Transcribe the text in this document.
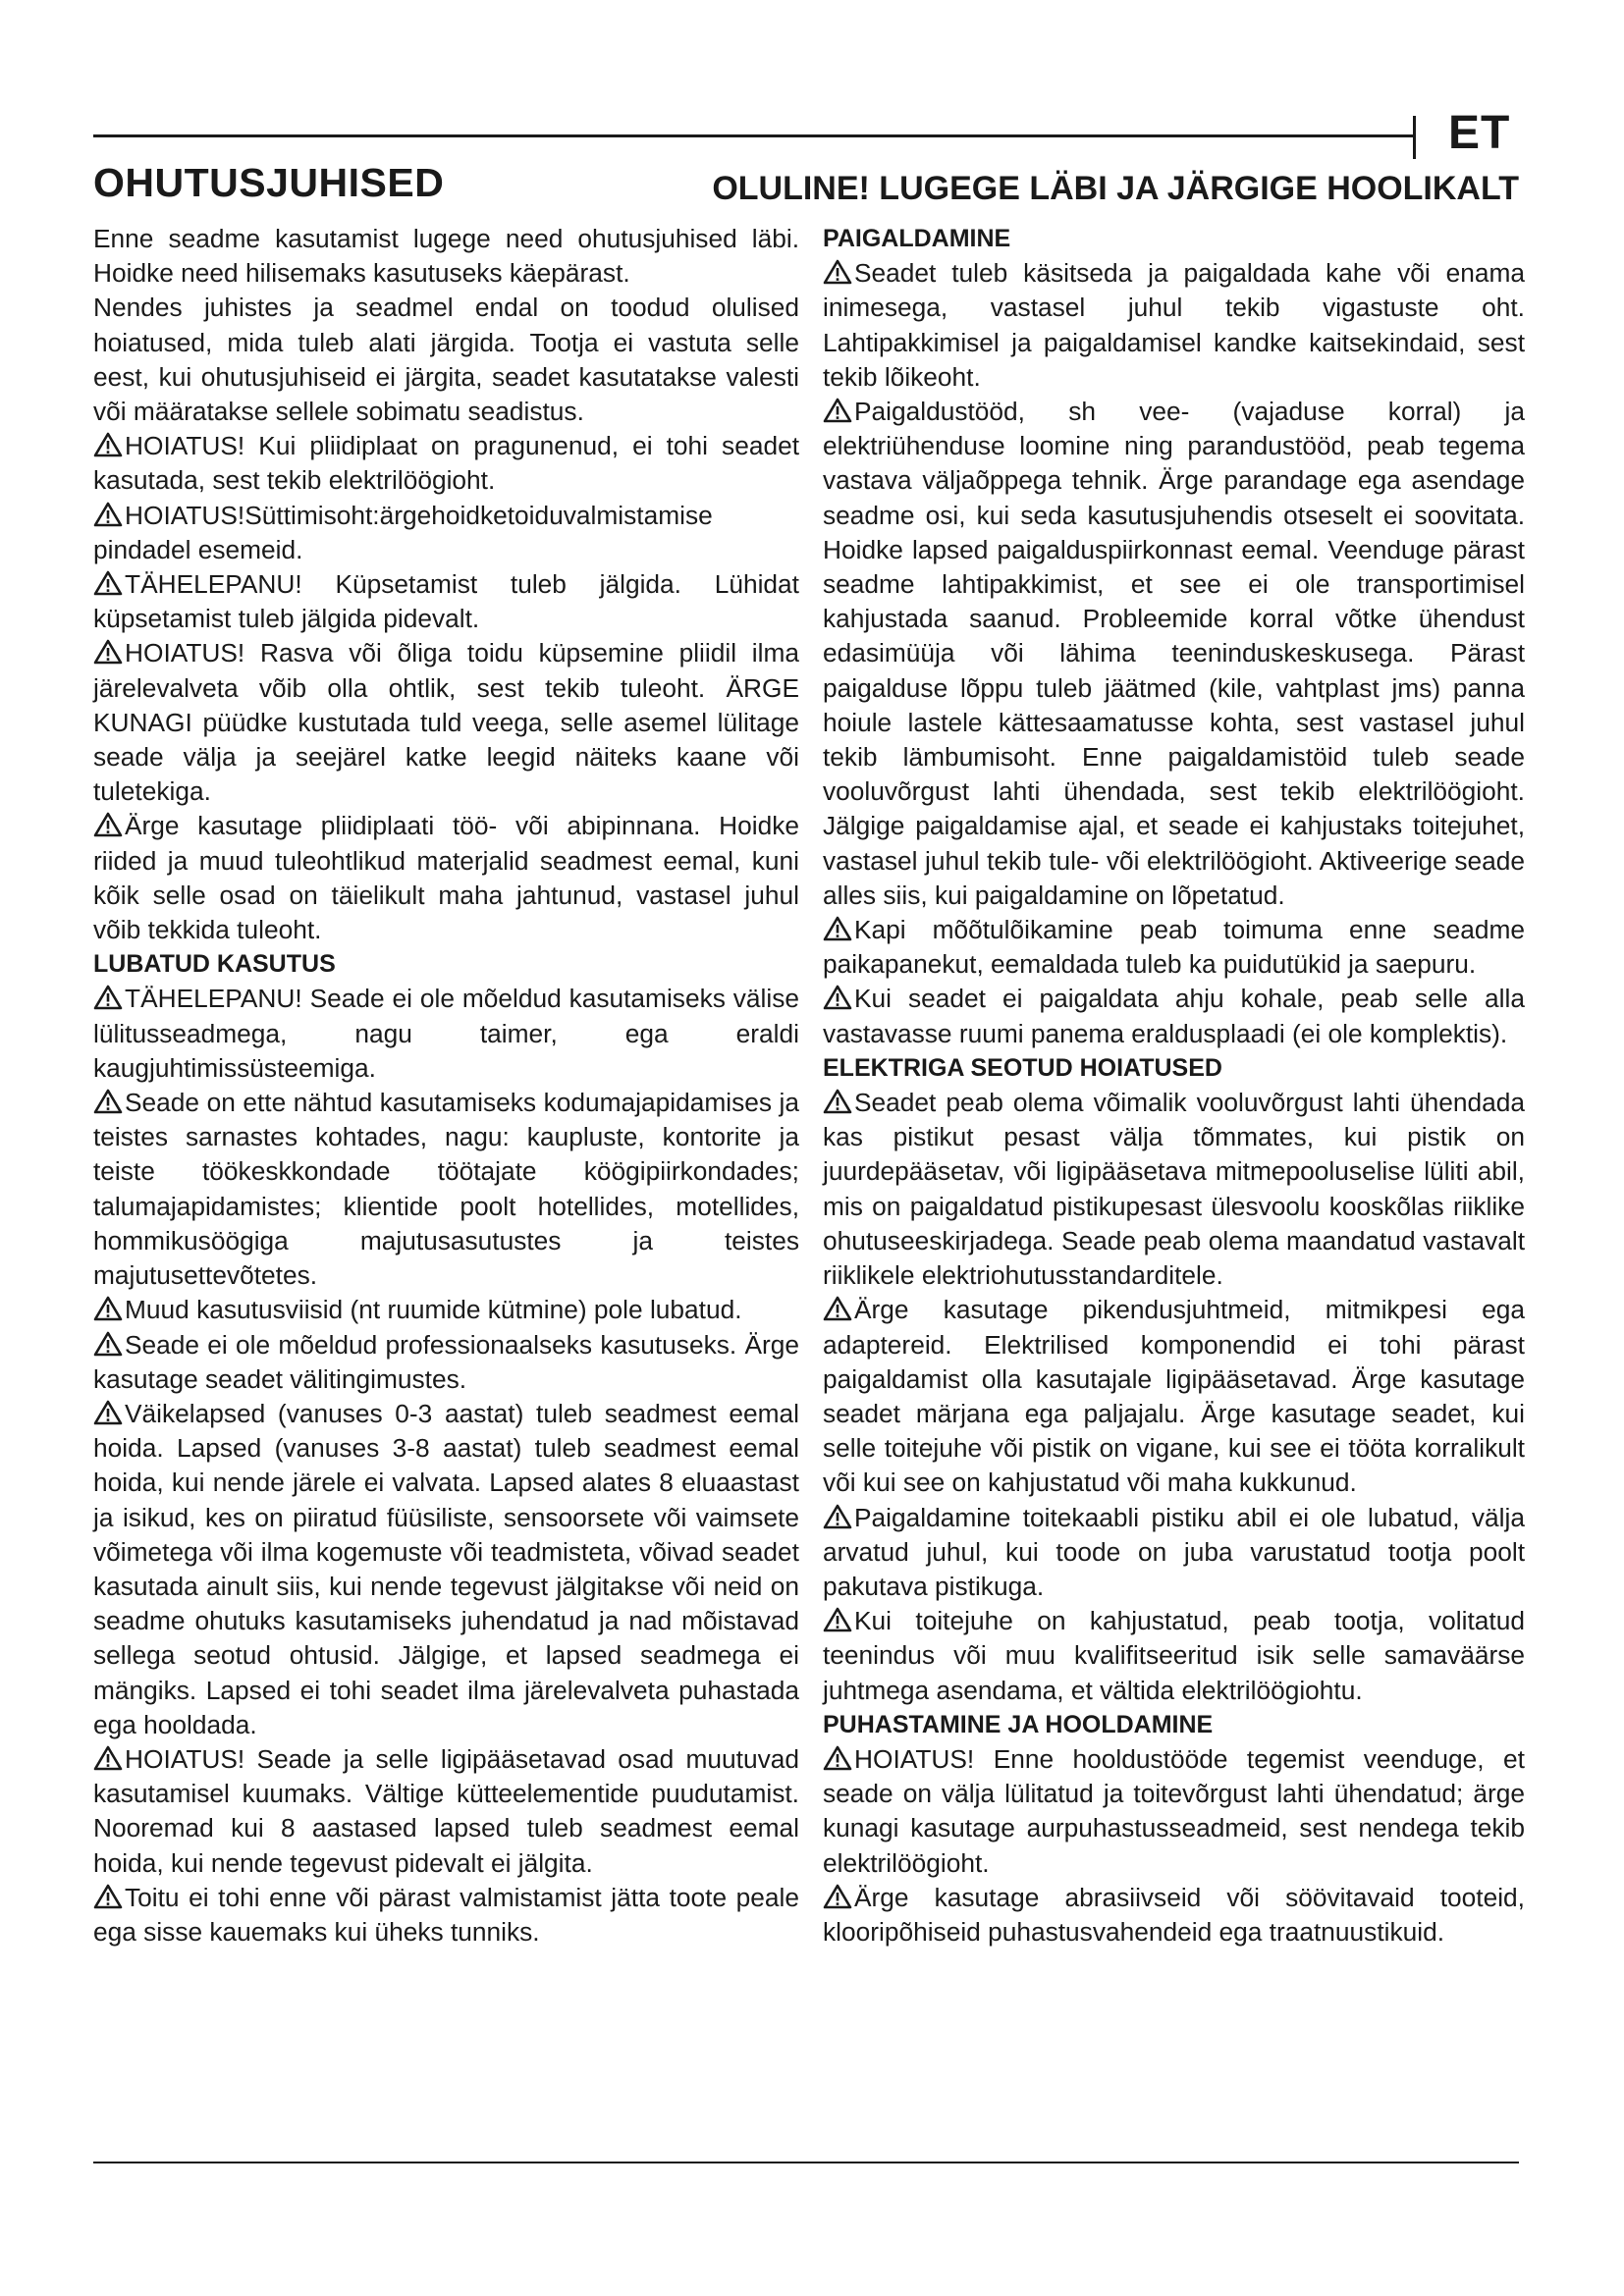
ET
OHUTUSJUHISED	OLULINE! LUGEGE LÄBI JA JÄRGIGE HOOLIKALT

Enne seadme kasutamist lugege need ohutusjuhised läbi. Hoidke need hilisemaks kasutuseks käepärast.

Nendes juhistes ja seadmel endal on toodud olulised hoiatused, mida tuleb alati järgida. Tootja ei vastuta selle eest, kui ohutusjuhiseid ei järgita, seadet kasutatakse valesti või määratakse sellele sobimatu seadistus.

HOIATUS! Kui pliidiplaat on pragunenud, ei tohi seadet kasutada, sest tekib elektrilöögioht.

HOIATUS!Süttimisoht:ärgehoidketoiduvalmistamise pindadel esemeid.

TÄHELEPANU! Küpsetamist tuleb jälgida. Lühidat küpsetamist tuleb jälgida pidevalt.

HOIATUS! Rasva või õliga toidu küpsemine pliidil ilma järelevalveta võib olla ohtlik, sest tekib tuleoht. ÄRGE KUNAGI püüdke kustutada tuld veega, selle asemel lülitage seade välja ja seejärel katke leegid näiteks kaane või tuletekiga.

Ärge kasutage pliidiplaati töö- või abipinnana. Hoidke riided ja muud tuleohtlikud materjalid seadmest eemal, kuni kõik selle osad on täielikult maha jahtunud, vastasel juhul võib tekkida tuleoht.

LUBATUD KASUTUS

TÄHELEPANU! Seade ei ole mõeldud kasutamiseks välise lülitusseadmega, nagu taimer, ega eraldi kaugjuhtimissüsteemiga.

Seade on ette nähtud kasutamiseks kodumajapidamises ja teistes sarnastes kohtades, nagu: kaupluste, kontorite ja teiste töökeskkondade töötajate köögipiirkondades; talumajapidamistes; klientide poolt hotellides, motellides, hommikusöögiga majutusasutustes ja teistes majutusettevõtetes.

Muud kasutusviisid (nt ruumide kütmine) pole lubatud.

Seade ei ole mõeldud professionaalseks kasutuseks. Ärge kasutage seadet välitingimustes.

Väikelapsed (vanuses 0-3 aastat) tuleb seadmest eemal hoida. Lapsed (vanuses 3-8 aastat) tuleb seadmest eemal hoida, kui nende järele ei valvata. Lapsed alates 8 eluaastast ja isikud, kes on piiratud füüsiliste, sensoorsete või vaimsete võimetega või ilma kogemuste või teadmisteta, võivad seadet kasutada ainult siis, kui nende tegevust jälgitakse või neid on seadme ohutuks kasutamiseks juhendatud ja nad mõistavad sellega seotud ohtusid. Jälgige, et lapsed seadmega ei mängiks. Lapsed ei tohi seadet ilma järelevalveta puhastada ega hooldada.

HOIATUS! Seade ja selle ligipääsetavad osad muutuvad kasutamisel kuumaks. Vältige kütteelementide puudutamist. Nooremad kui 8 aastased lapsed tuleb seadmest eemal hoida, kui nende tegevust pidevalt ei jälgita.

Toitu ei tohi enne või pärast valmistamist jätta toote peale ega sisse kauemaks kui üheks tunniks.

PAIGALDAMINE

Seadet tuleb käsitseda ja paigaldada kahe või enama inimesega, vastasel juhul tekib vigastuste oht. Lahtipakkimisel ja paigaldamisel kandke kaitsekindaid, sest tekib lõikeoht.

Paigaldustööd, sh vee- (vajaduse korral) ja elektriühenduse loomine ning parandustööd, peab tegema vastava väljaõppega tehnik. Ärge parandage ega asendage seadme osi, kui seda kasutusjuhendis otseselt ei soovitata. Hoidke lapsed paigalduspiirkonnast eemal. Veenduge pärast seadme lahtipakkimist, et see ei ole transportimisel kahjustada saanud. Probleemide korral võtke ühendust edasimüüja või lähima teeninduskeskusega. Pärast paigalduse lõppu tuleb jäätmed (kile, vahtplast jms) panna hoiule lastele kättesaamatusse kohta, sest vastasel juhul tekib lämbumisoht. Enne paigaldamistöid tuleb seade vooluvõrgust lahti ühendada, sest tekib elektrilöögioht. Jälgige paigaldamise ajal, et seade ei kahjustaks toitejuhet, vastasel juhul tekib tule- või elektrilöögioht. Aktiveerige seade alles siis, kui paigaldamine on lõpetatud.

Kapi mõõtulõikamine peab toimuma enne seadme paikapanekut, eemaldada tuleb ka puidutükid ja saepuru.

Kui seadet ei paigaldata ahju kohale, peab selle alla vastavasse ruumi panema eraldusplaadi (ei ole komplektis).

ELEKTRIGA SEOTUD HOIATUSED

Seadet peab olema võimalik vooluvõrgust lahti ühendada kas pistikut pesast välja tõmmates, kui pistik on juurdepääsetav, või ligipääsetava mitmepooluselise lüliti abil, mis on paigaldatud pistikupesast ülesvoolu kooskõlas riiklike ohutuseeskirjadega. Seade peab olema maandatud vastavalt riiklikele elektriohutusstandarditele.

Ärge kasutage pikendusjuhtmeid, mitmikpesi ega adaptereid. Elektrilised komponendid ei tohi pärast paigaldamist olla kasutajale ligipääsetavad. Ärge kasutage seadet märjana ega paljajalu. Ärge kasutage seadet, kui selle toitejuhe või pistik on vigane, kui see ei tööta korralikult või kui see on kahjustatud või maha kukkunud.

Paigaldamine toitekaabli pistiku abil ei ole lubatud, välja arvatud juhul, kui toode on juba varustatud tootja poolt pakutava pistikuga.

Kui toitejuhe on kahjustatud, peab tootja, volitatud teenindus või muu kvalifitseeritud isik selle samaväärse juhtmega asendama, et vältida elektrilöögiohtu.

PUHASTAMINE JA HOOLDAMINE

HOIATUS! Enne hooldustööde tegemist veenduge, et seade on välja lülitatud ja toitevõrgust lahti ühendatud; ärge kunagi kasutage aurpuhastusseadmeid, sest nendega tekib elektrilöögioht.

Ärge kasutage abrasiivseid või söövitavaid tooteid, klooripõhiseid puhastusvahendeid ega traatnuustikuid.
